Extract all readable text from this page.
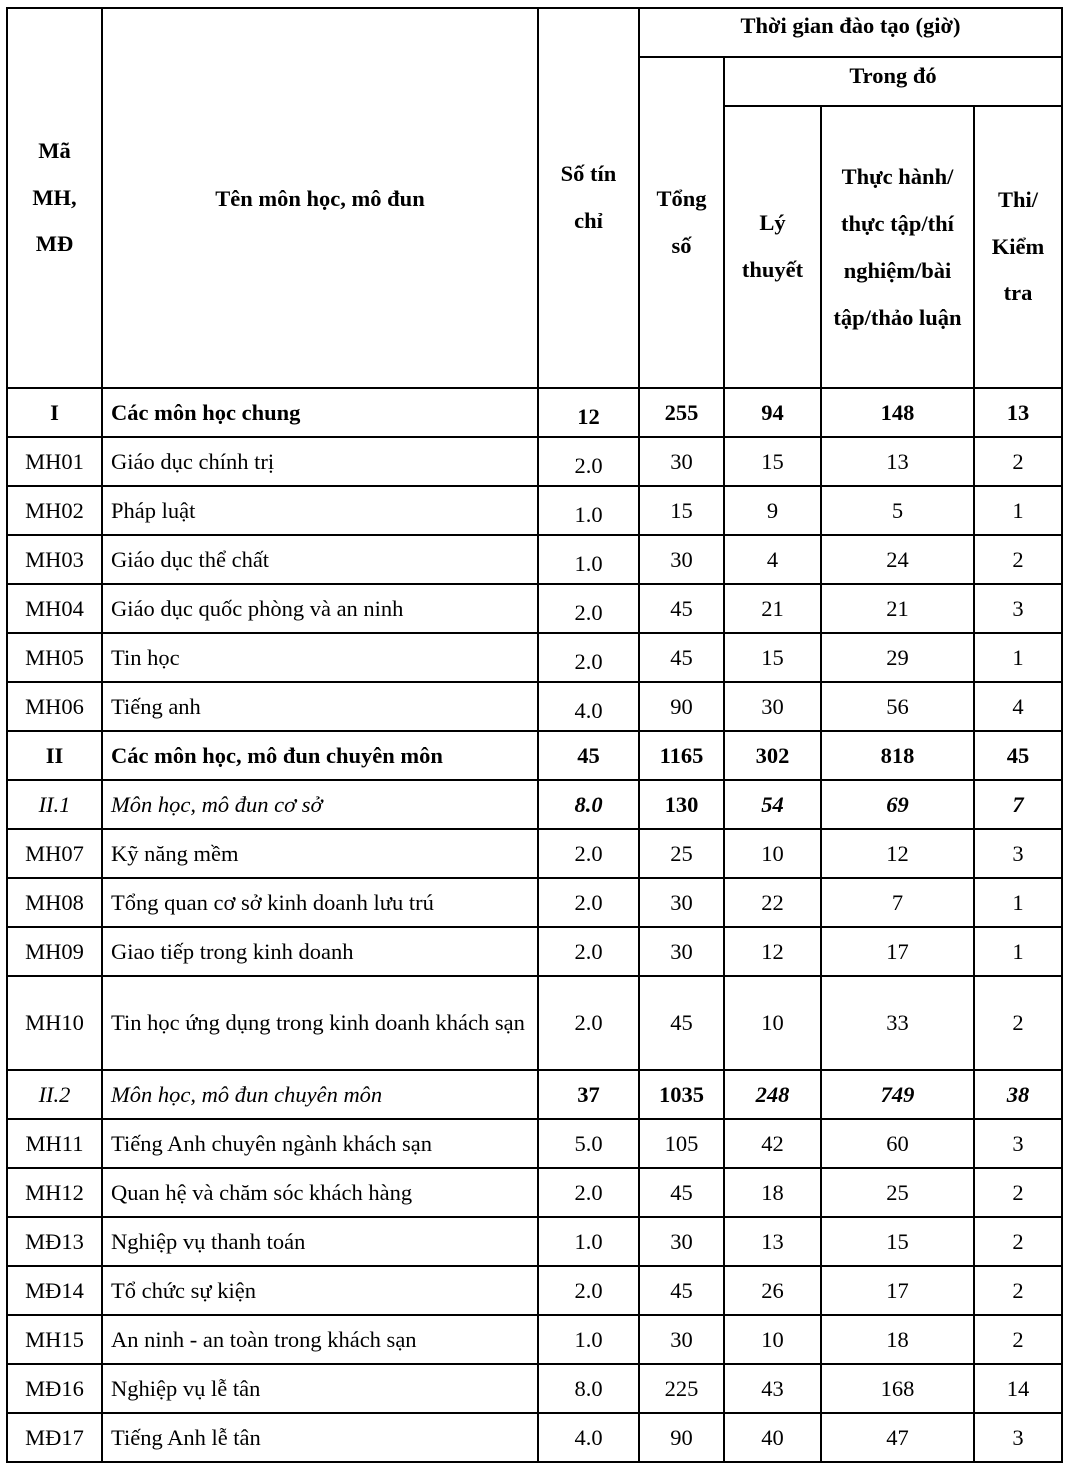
Mã MH, MĐ	Tên môn học, mô đun	Số tín chỉ	Thời gian đào tạo (giờ)			
			Tổng số	Trong đó		
				Lý thuyết	Thực hành/ thực tập/thí nghiệm/bài tập/thảo luận	Thi/ Kiểm tra
I	Các môn học chung	12	255	94	148	13
MH01	Giáo dục chính trị	2.0	30	15	13	2
MH02	Pháp luật	1.0	15	9	5	1
MH03	Giáo dục thể chất	1.0	30	4	24	2
MH04	Giáo dục quốc phòng và an ninh	2.0	45	21	21	3
MH05	Tin học	2.0	45	15	29	1
MH06	Tiếng anh	4.0	90	30	56	4
II	Các môn học, mô đun chuyên môn	45	1165	302	818	45
II.1	Môn học, mô đun cơ sở	8.0	130	54	69	7
MH07	Kỹ năng mềm	2.0	25	10	12	3
MH08	Tổng quan cơ sở kinh doanh lưu trú	2.0	30	22	7	1
MH09	Giao tiếp trong kinh doanh	2.0	30	12	17	1
MH10	Tin học ứng dụng trong kinh doanh khách sạn	2.0	45	10	33	2
II.2	Môn học, mô đun chuyên môn	37	1035	248	749	38
MH11	Tiếng Anh chuyên ngành khách sạn	5.0	105	42	60	3
MH12	Quan hệ và chăm sóc khách hàng	2.0	45	18	25	2
MĐ13	Nghiệp vụ thanh toán	1.0	30	13	15	2
MĐ14	Tổ chức sự kiện	2.0	45	26	17	2
MH15	An ninh - an toàn trong khách sạn	1.0	30	10	18	2
MĐ16	Nghiệp vụ lễ tân	8.0	225	43	168	14
MĐ17	Tiếng Anh lễ tân	4.0	90	40	47	3
